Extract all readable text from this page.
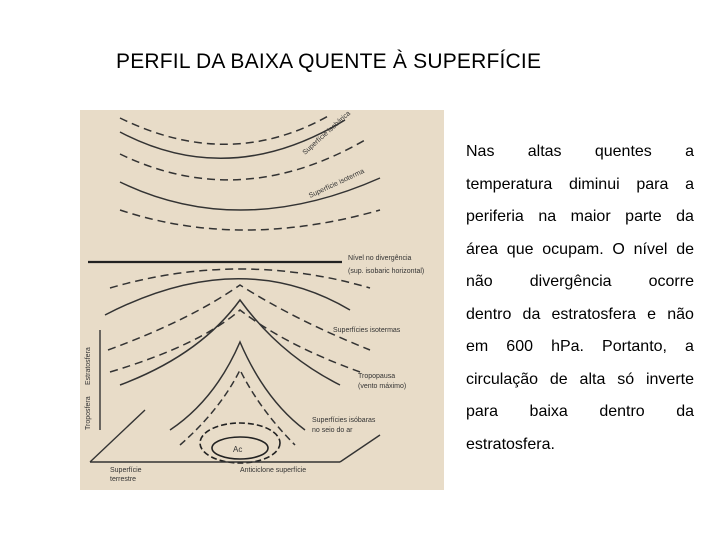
PERFIL DA BAIXA QUENTE À SUPERFÍCIE
Superfície isobárica
Superfície isoterma
Nível no divergência
(sup. isobaric horizontal)
Superfícies isotermas
Tropopausa
(vento máximo)
Superfícies isóbaras
no seio do ar
Ac
Anticiclone superfície
Estratosfera
Troposfera
Superfície
terrestre
Nas altas quentes a
temperatura diminui para a
periferia na maior parte da
área que ocupam. O nível de
não divergência ocorre
dentro da estratosfera e não
em 600 hPa. Portanto, a
circulação de alta só inverte
para baixa dentro da
estratosfera.
